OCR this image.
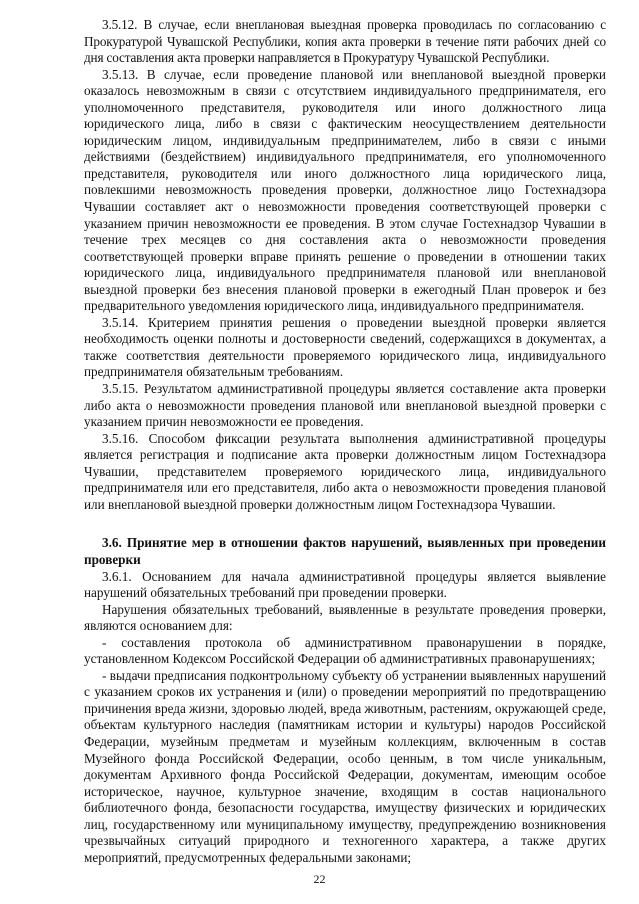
3.5.12. В случае, если внеплановая выездная проверка проводилась по согласованию с Прокуратурой Чувашской Республики, копия акта проверки в течение пяти рабочих дней со дня составления акта проверки направляется в Прокуратуру Чувашской Республики.

3.5.13. В случае, если проведение плановой или внеплановой выездной проверки оказалось невозможным в связи с отсутствием индивидуального предпринимателя, его уполномоченного представителя, руководителя или иного должностного лица юридического лица, либо в связи с фактическим неосуществлением деятельности юридическим лицом, индивидуальным предпринимателем, либо в связи с иными действиями (бездействием) индивидуального предпринимателя, его уполномоченного представителя, руководителя или иного должностного лица юридического лица, повлекшими невозможность проведения проверки, должностное лицо Гостехнадзора Чувашии составляет акт о невозможности проведения соответствующей проверки с указанием причин невозможности ее проведения. В этом случае Гостехнадзор Чувашии в течение трех месяцев со дня составления акта о невозможности проведения соответствующей проверки вправе принять решение о проведении в отношении таких юридического лица, индивидуального предпринимателя плановой или внеплановой выездной проверки без внесения плановой проверки в ежегодный План проверок и без предварительного уведомления юридического лица, индивидуального предпринимателя.

3.5.14. Критерием принятия решения о проведении выездной проверки является необходимость оценки полноты и достоверности сведений, содержащихся в документах, а также соответствия деятельности проверяемого юридического лица, индивидуального предпринимателя обязательным требованиям.

3.5.15. Результатом административной процедуры является составление акта проверки либо акта о невозможности проведения плановой или внеплановой выездной проверки с указанием причин невозможности ее проведения.

3.5.16. Способом фиксации результата выполнения административной процедуры является регистрация и подписание акта проверки должностным лицом Гостехнадзора Чувашии, представителем проверяемого юридического лица, индивидуального предпринимателя или его представителя, либо акта о невозможности проведения плановой или внеплановой выездной проверки должностным лицом Гостехнадзора Чувашии.

3.6. Принятие мер в отношении фактов нарушений, выявленных при проведении проверки

3.6.1. Основанием для начала административной процедуры является выявление нарушений обязательных требований при проведении проверки.

Нарушения обязательных требований, выявленные в результате проведения проверки, являются основанием для:

- составления протокола об административном правонарушении в порядке, установленном Кодексом Российской Федерации об административных правонарушениях;

- выдачи предписания подконтрольному субъекту об устранении выявленных нарушений с указанием сроков их устранения и (или) о проведении мероприятий по предотвращению причинения вреда жизни, здоровью людей, вреда животным, растениям, окружающей среде, объектам культурного наследия (памятникам истории и культуры) народов Российской Федерации, музейным предметам и музейным коллекциям, включенным в состав Музейного фонда Российской Федерации, особо ценным, в том числе уникальным, документам Архивного фонда Российской Федерации, документам, имеющим особое историческое, научное, культурное значение, входящим в состав национального библиотечного фонда, безопасности государства, имуществу физических и юридических лиц, государственному или муниципальному имуществу, предупреждению возникновения чрезвычайных ситуаций природного и техногенного характера, а также других мероприятий, предусмотренных федеральными законами;

22
